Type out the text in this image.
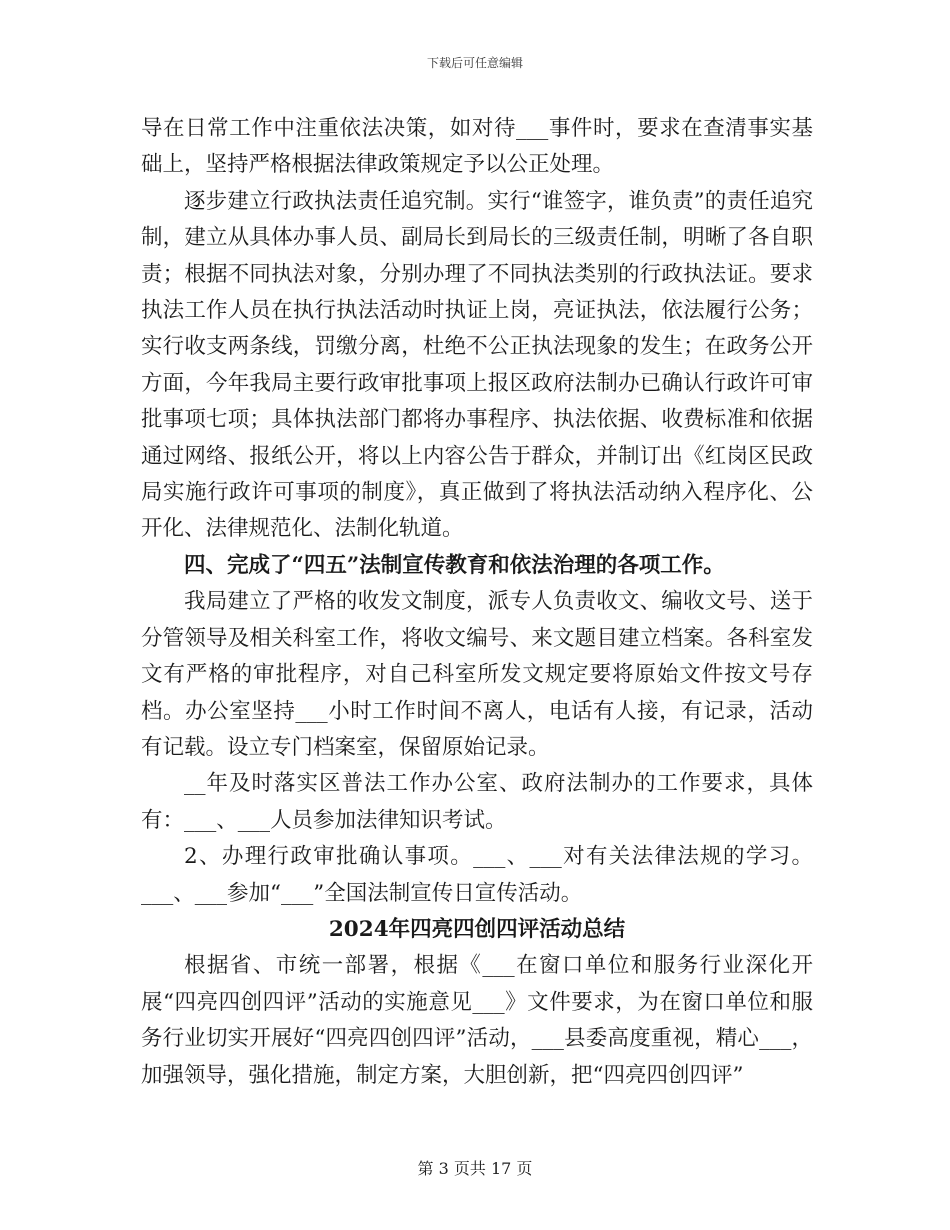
下载后可任意编辑

导在日常工作中注重依法决策，如对待___事件时，要求在查清事实基础上，坚持严格根据法律政策规定予以公正处理。

逐步建立行政执法责任追究制。实行“谁签字，谁负责”的责任追究制，建立从具体办事人员、副局长到局长的三级责任制，明晰了各自职责；根据不同执法对象，分别办理了不同执法类别的行政执法证。要求执法工作人员在执行执法活动时执证上岗，亮证执法，依法履行公务；实行收支两条线，罚缴分离，杜绝不公正执法现象的发生；在政务公开方面，今年我局主要行政审批事项上报区政府法制办已确认行政许可审批事项七项；具体执法部门都将办事程序、执法依据、收费标准和依据通过网络、报纸公开，将以上内容公告于群众，并制订出《红岗区民政局实施行政许可事项的制度》，真正做到了将执法活动纳入程序化、公开化、法律规范化、法制化轨道。

四、完成了“四五”法制宣传教育和依法治理的各项工作。

我局建立了严格的收发文制度，派专人负责收文、编收文号、送于分管领导及相关科室工作，将收文编号、来文题目建立档案。各科室发文有严格的审批程序，对自己科室所发文规定要将原始文件按文号存档。办公室坚持___小时工作时间不离人，电话有人接，有记录，活动有记载。设立专门档案室，保留原始记录。

__年及时落实区普法工作办公室、政府法制办的工作要求，具体有：___、___人员参加法律知识考试。

2、办理行政审批确认事项。___、___对有关法律法规的学习。___、___参加“___”全国法制宣传日宣传活动。

2024年四亮四创四评活动总结

根据省、市统一部署，根据《___在窗口单位和服务行业深化开展“四亮四创四评”活动的实施意见___》文件要求，为在窗口单位和服务行业切实开展好“四亮四创四评”活动，___县委高度重视，精心___，加强领导，强化措施，制定方案，大胆创新，把“四亮四创四评”

第 3 页共 17 页
